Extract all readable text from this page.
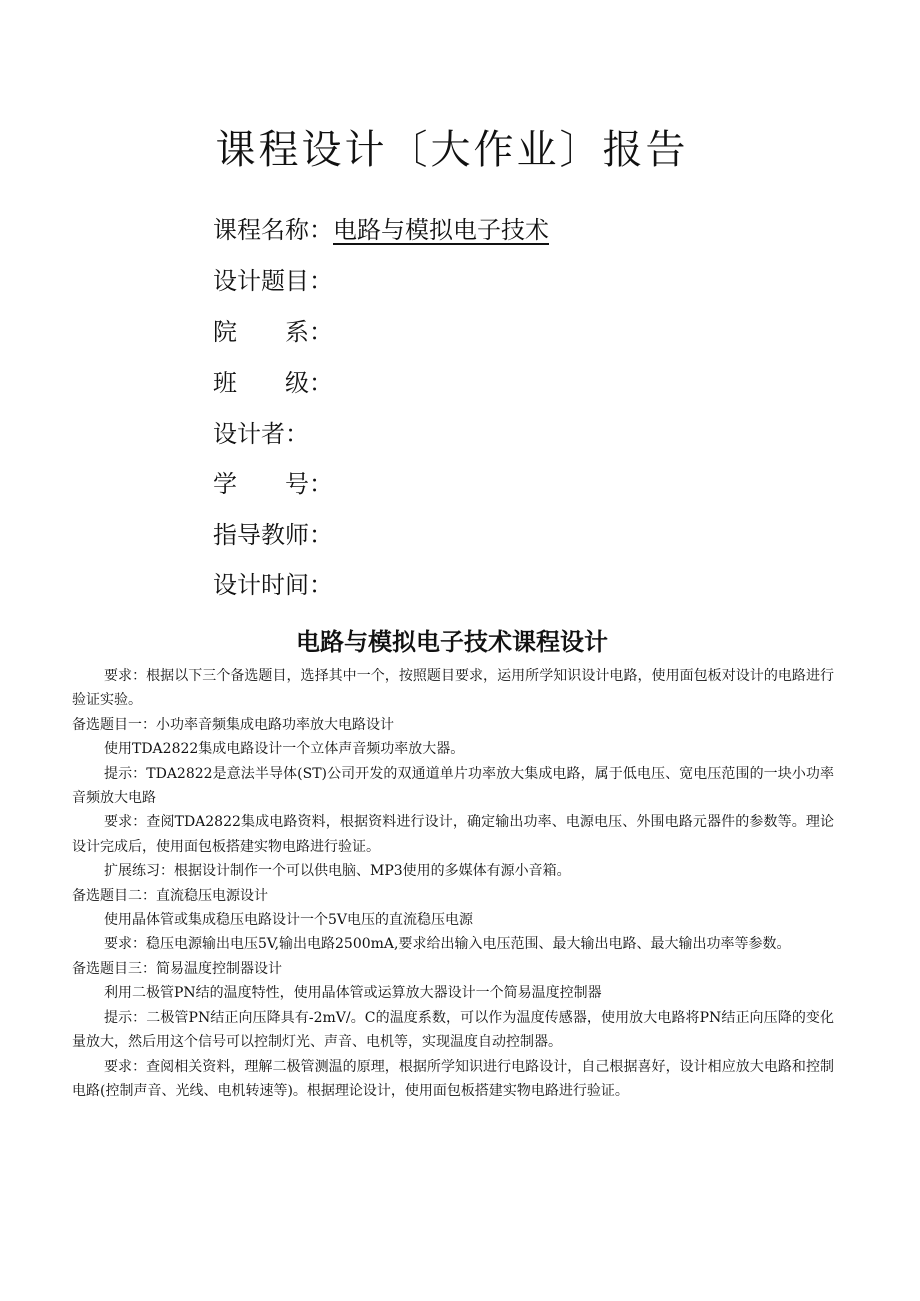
课程设计〔大作业〕报告
课程名称：电路与模拟电子技术
设计题目：
院　　系：
班　　级：
设计者：
学　　号：
指导教师：
设计时间：
电路与模拟电子技术课程设计

要求：根据以下三个备选题目，选择其中一个，按照题目要求，运用所学知识设计电路，使用面包板对设计的电路进行验证实验。

备选题目一：小功率音频集成电路功率放大电路设计

使用TDA2822集成电路设计一个立体声音频功率放大器。

提示：TDA2822是意法半导体(ST)公司开发的双通道单片功率放大集成电路，属于低电压、宽电压范围的一块小功率音频放大电路

要求：查阅TDA2822集成电路资料，根据资料进行设计，确定输出功率、电源电压、外围电路元器件的参数等。理论设计完成后，使用面包板搭建实物电路进行验证。

扩展练习：根据设计制作一个可以供电脑、MP3使用的多媒体有源小音箱。

备选题目二：直流稳压电源设计

使用晶体管或集成稳压电路设计一个5V电压的直流稳压电源

要求：稳压电源输出电压5V,输出电路2500mA,要求给出输入电压范围、最大输出电路、最大输出功率等参数。

备选题目三：简易温度控制器设计

利用二极管PN结的温度特性，使用晶体管或运算放大器设计一个简易温度控制器

提示：二极管PN结正向压降具有-2mV/。C的温度系数，可以作为温度传感器，使用放大电路将PN结正向压降的变化量放大，然后用这个信号可以控制灯光、声音、电机等，实现温度自动控制器。

要求：查阅相关资料，理解二极管测温的原理，根据所学知识进行电路设计，自己根据喜好，设计相应放大电路和控制电路(控制声音、光线、电机转速等)。根据理论设计，使用面包板搭建实物电路进行验证。
